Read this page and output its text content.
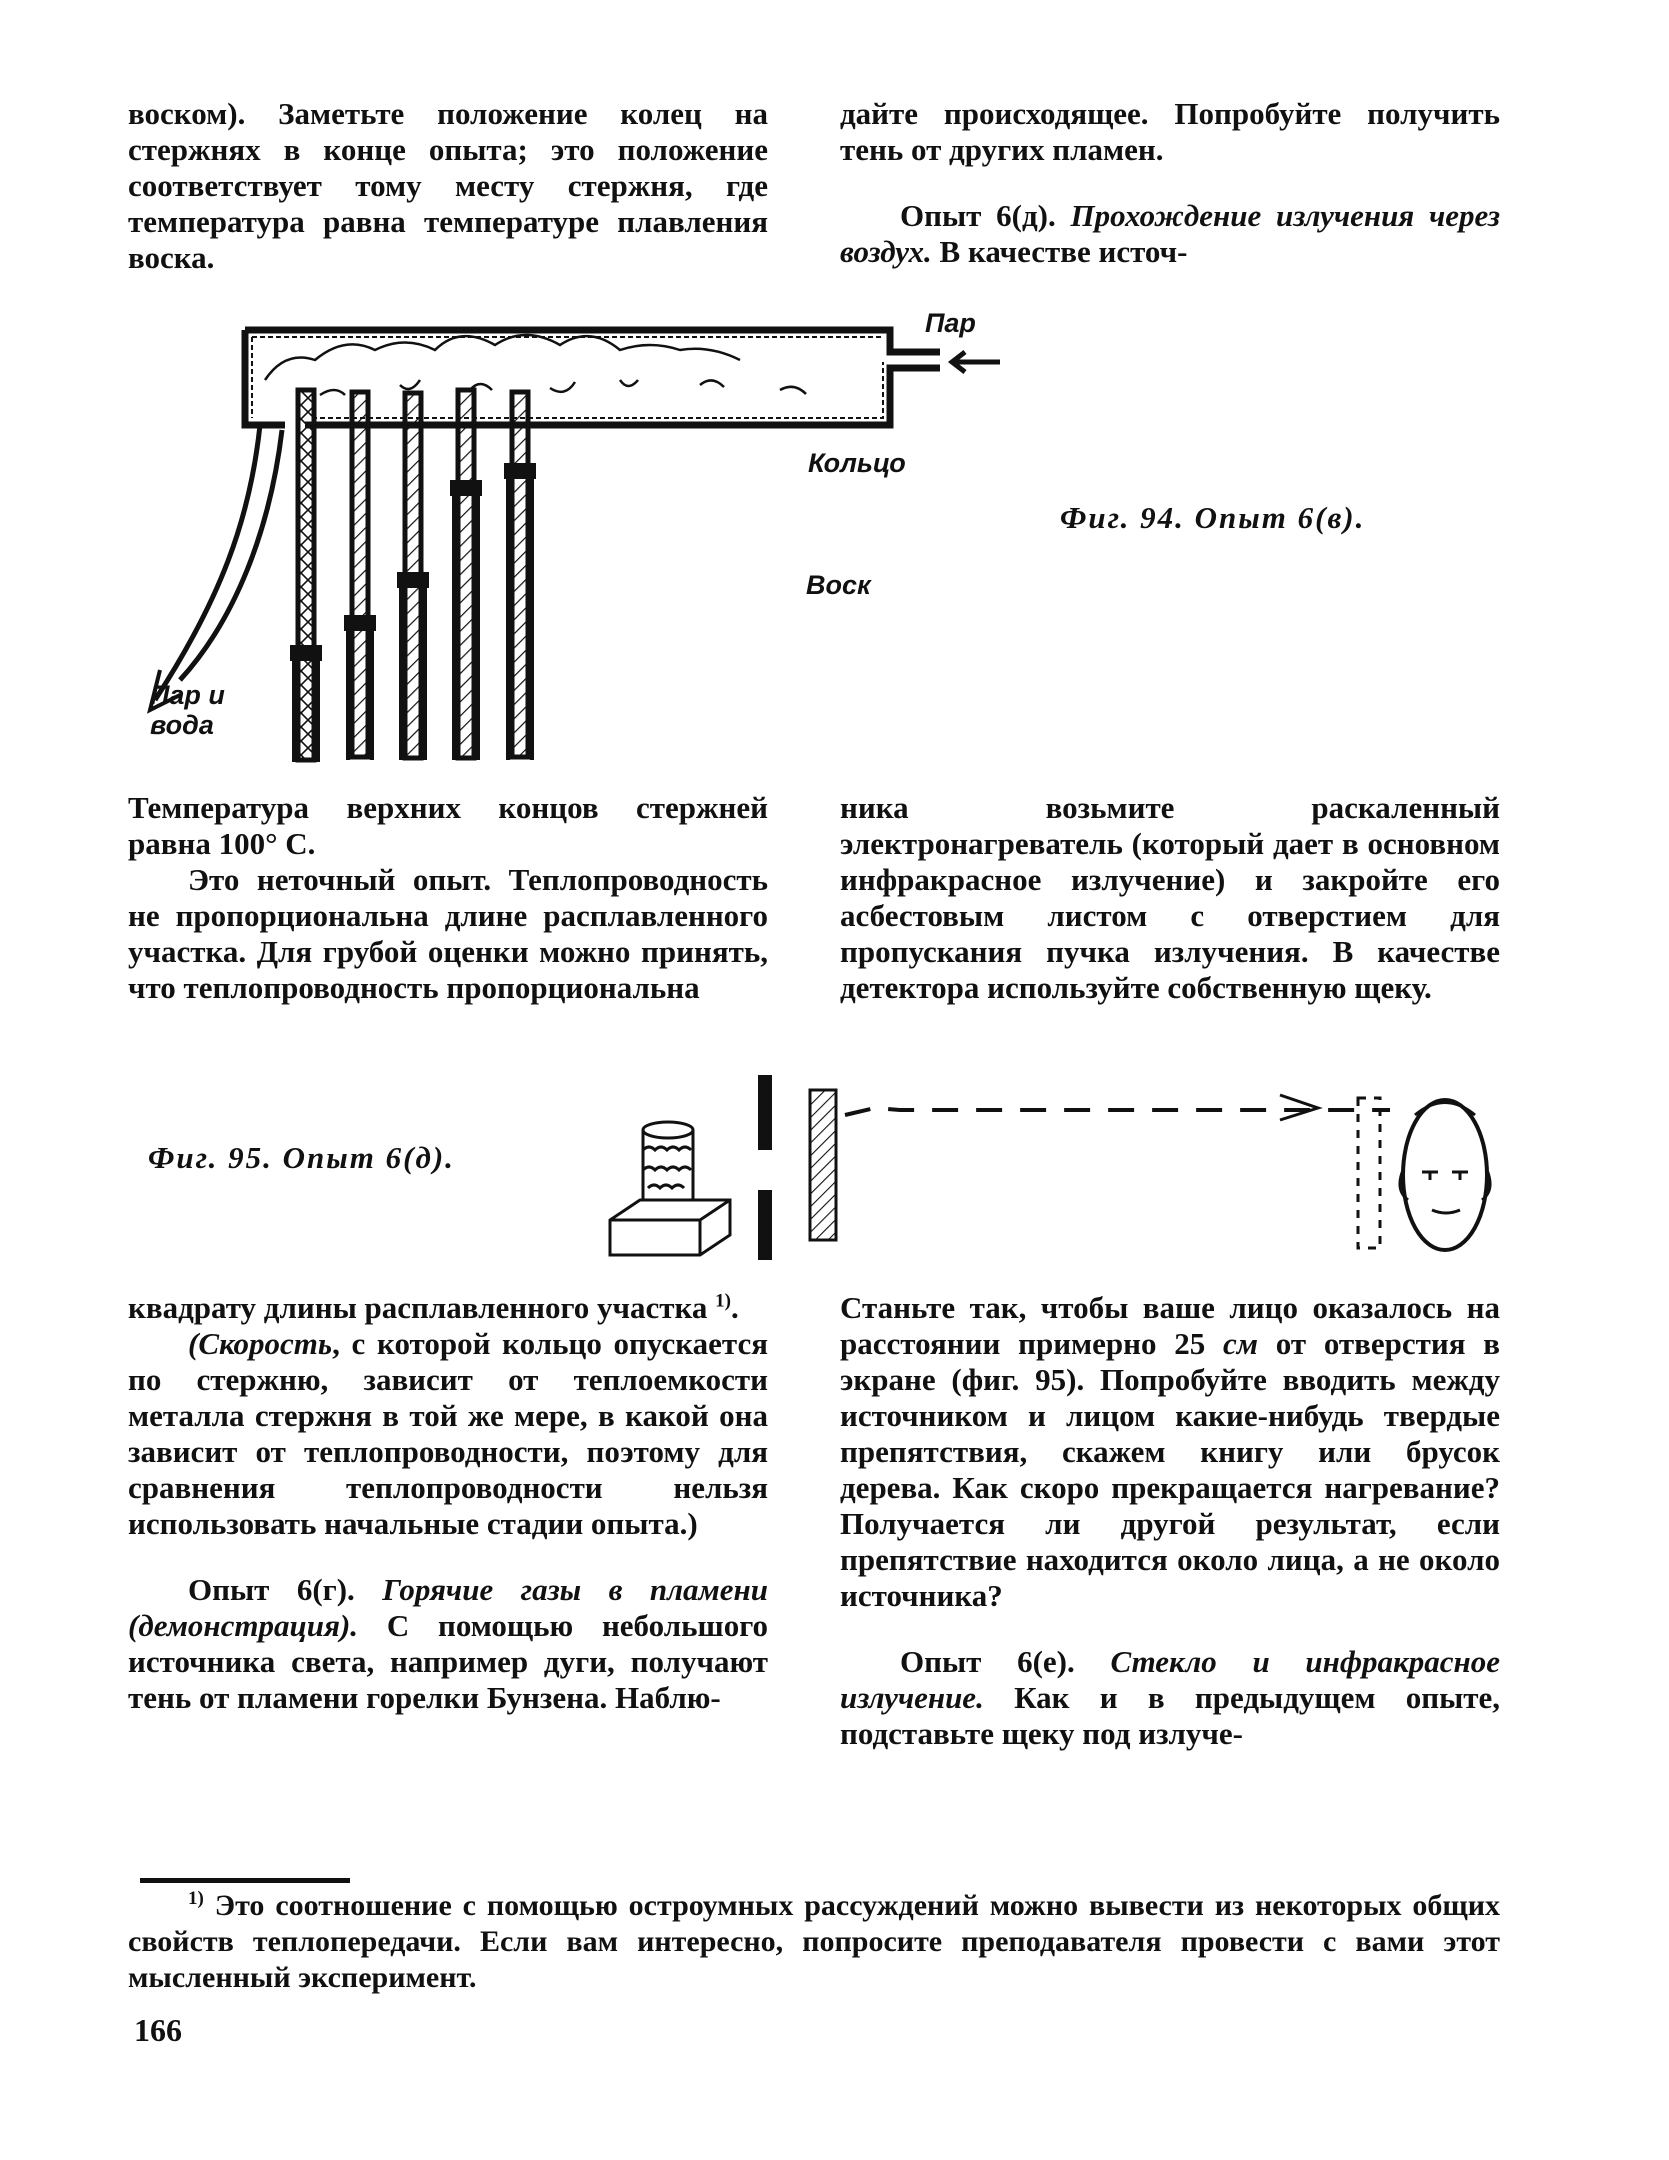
воском). Заметьте положение колец на стержнях в конце опыта; это положение соответствует тому месту стержня, где температура равна температуре плавления воска.

дайте происходящее. Попробуйте получить тень от других пламен.

Опыт 6(д). Прохождение излучения через воздух. В качестве источ-

Пар
Кольцо
Воск
Пар и
вода
Фиг. 94. Опыт 6(в).

Температура верхних концов стержней равна 100° С.

Это неточный опыт. Теплопроводность не пропорциональна длине расплавленного участка. Для грубой оценки можно принять, что теплопроводность пропорциональна

ника возьмите раскаленный электронагреватель (который дает в основном инфракрасное излучение) и закройте его асбестовым листом с отверстием для пропускания пучка излучения. В качестве детектора используйте собственную щеку.

Фиг. 95. Опыт 6(д).

квадрату длины расплавленного участка $^{1)}$.

(Скорость, с которой кольцо опускается по стержню, зависит от теплоемкости металла стержня в той же мере, в какой она зависит от теплопроводности, поэтому для сравнения теплопроводности нельзя использовать начальные стадии опыта.)

Опыт 6(г). Горячие газы в пламени (демонстрация). С помощью небольшого источника света, например дуги, получают тень от пламени горелки Бунзена. Наблю-

Станьте так, чтобы ваше лицо оказалось на расстоянии примерно 25 см от отверстия в экране (фиг. 95). Попробуйте вводить между источником и лицом какие-нибудь твердые препятствия, скажем книгу или брусок дерева. Как скоро прекращается нагревание? Получается ли другой результат, если препятствие находится около лица, а не около источника?

Опыт 6(е). Стекло и инфракрасное излучение. Как и в предыдущем опыте, подставьте щеку под излуче-

$^{1)}$ Это соотношение с помощью остроумных рассуждений можно вывести из некоторых общих свойств теплопередачи. Если вам интересно, попросите преподавателя провести с вами этот мысленный эксперимент.

166
